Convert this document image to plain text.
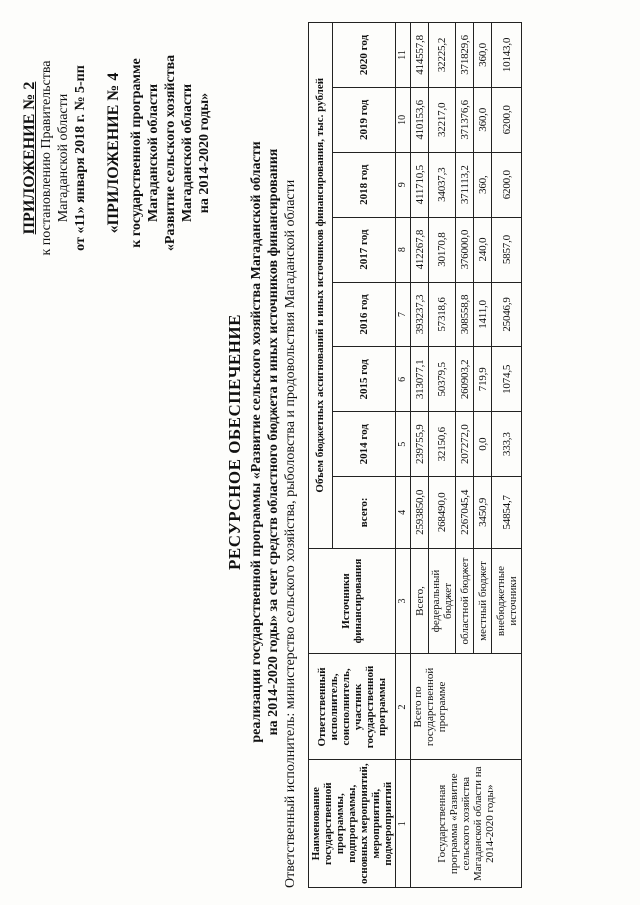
ПРИЛОЖЕНИЕ № 2 к постановлению Правительства Магаданской области от «11» января 2018 г. № 5-пп «ПРИЛОЖЕНИЕ № 4 к государственной программе Магаданской области «Развитие сельского хозяйства Магаданской области на 2014-2020 годы»
РЕСУРСНОЕ ОБЕСПЕЧЕНИЕ реализации государственной программы «Развитие сельского хозяйства Магаданской области на 2014-2020 годы» за счет средств областного бюджета и иных источников финансирования Ответственный исполнитель: министерство сельского хозяйства, рыболовства и продовольствия Магаданской области Наименование государственной программы, подпрограммы, основных мероприятий, мероприятий, подмероприятий	Ответственный исполнитель, соисполнитель, участник государственной программы	Источники финансирования	Объем бюджетных ассигнований и иных источников финансирования, тыс. рублей							
			всего:	2014 год	2015 год	2016 год	2017 год	2018 год	2019 год	2020 год
1	2	3	4	5	6	7	8	9	10	11
Государственная программа «Развитие сельского хозяйства Магаданской области на 2014-2020 годы»	Всего по государственной программе	Всего,	2593850,0	239755,9	313077,1	393237,3	412267,8	411710,5	410153,6	414557,8
		федеральный бюджет	268490,0	32150,6	50379,5	57318,6	30170,8	34037,3	32217,0	32225,2
		областной бюджет	2267045,4	207272,0	260903,2	308558,8	376000,0	371113,2	371376,6	371829,6
		местный бюджет	3450,9	0,0	719,9	1411,0	240,0	360,	360,0	360,0
		внебюджетные источники	54854,7	333,3	1074,5	25046,9	5857,0	6200,0	6200,0	10143,0
